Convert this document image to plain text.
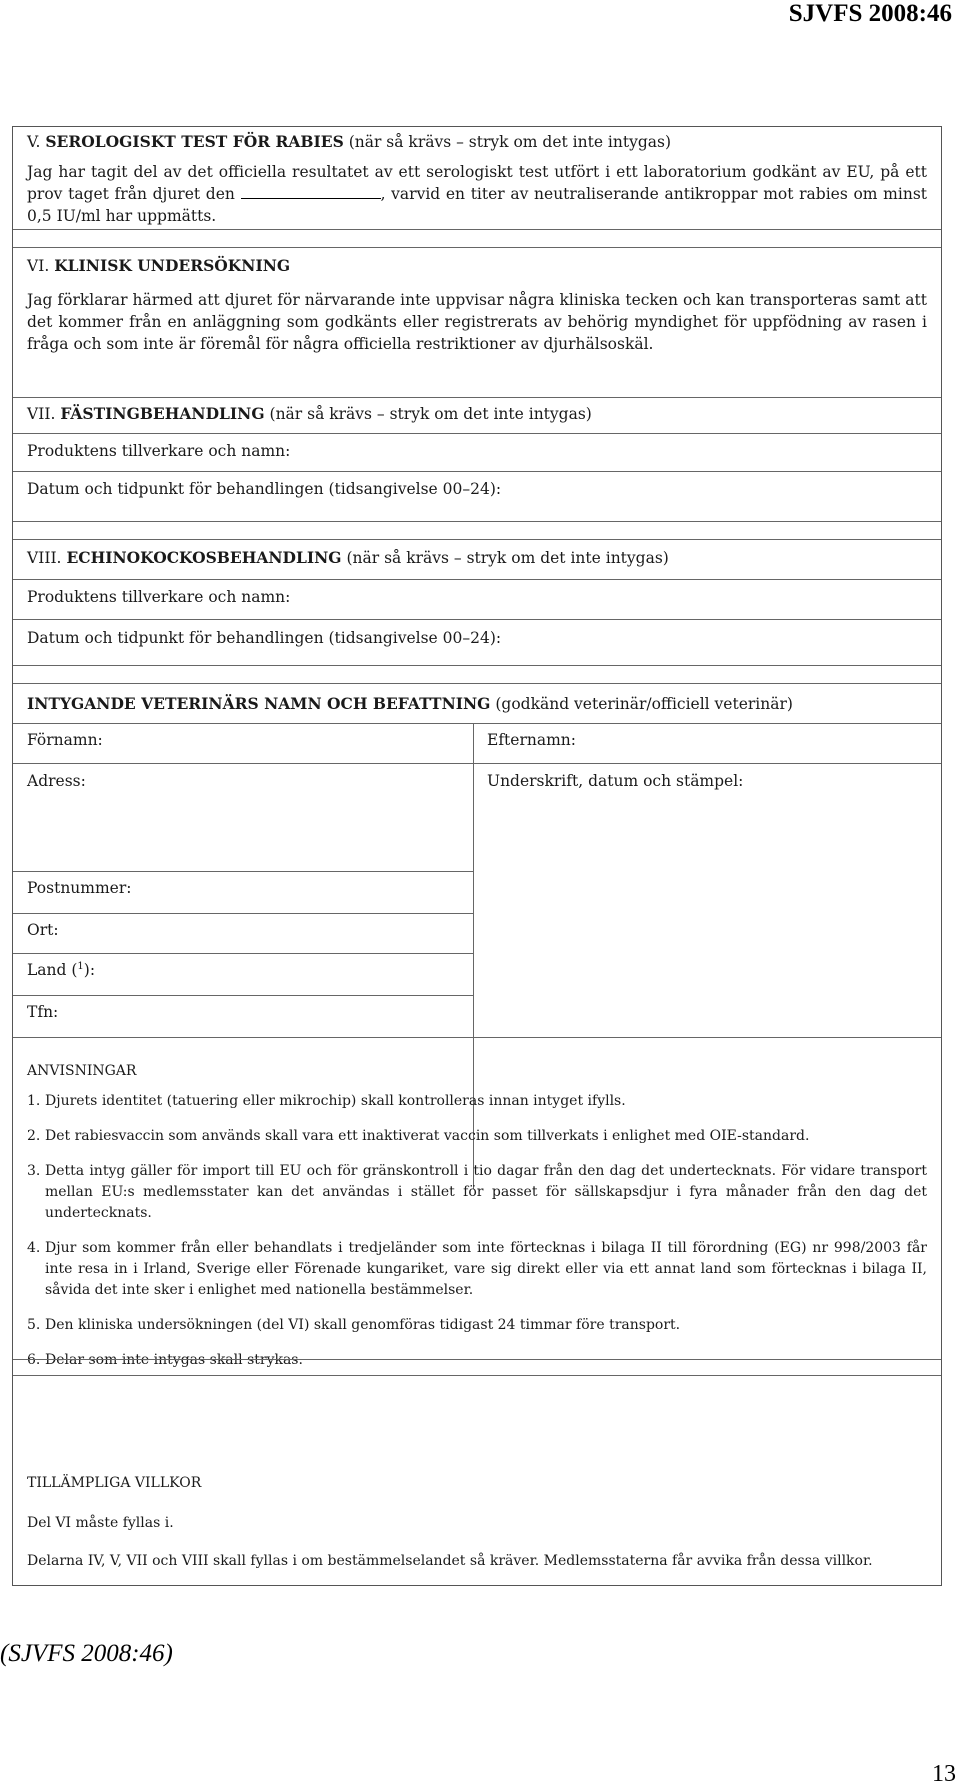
SJVFS 2008:46
V. SEROLOGISKT TEST FÖR RABIES (när så krävs – stryk om det inte intygas)
Jag har tagit del av det officiella resultatet av ett serologiskt test utfört i ett laboratorium godkänt av EU, på ett prov taget från djuret den	, varvid en titer av neutraliserande antikroppar mot rabies om minst 0,5 IU/ml har uppmätts.
VI. KLINISK UNDERSÖKNING
Jag förklarar härmed att djuret för närvarande inte uppvisar några kliniska tecken och kan transporteras samt att det kommer från en anläggning som godkänts eller registrerats av behörig myndighet för uppfödning av rasen i fråga och som inte är föremål för några officiella restriktioner av djurhälsoskäl.
VII. FÄSTINGBEHANDLING (när så krävs – stryk om det inte intygas)
Produktens tillverkare och namn:
Datum och tidpunkt för behandlingen (tidsangivelse 00–24):
VIII. ECHINOKOCKOSBEHANDLING (när så krävs – stryk om det inte intygas)
Produktens tillverkare och namn:
Datum och tidpunkt för behandlingen (tidsangivelse 00–24):
INTYGANDE VETERINÄRS NAMN OCH BEFATTNING (godkänd veterinär/officiell veterinär)
Förnamn:	Efternamn:
Adress:	Underskrift, datum och stämpel:
Postnummer:
Ort:
Land ($^1$):
Tfn:
ANVISNINGAR
1. Djurets identitet (tatuering eller mikrochip) skall kontrolleras innan intyget ifylls.
2. Det rabiesvaccin som används skall vara ett inaktiverat vaccin som tillverkats i enlighet med OIE-standard.
3. Detta intyg gäller för import till EU och för gränskontroll i tio dagar från den dag det undertecknats. För vidare transport mellan EU:s medlemsstater kan det användas i stället för passet för sällskapsdjur i fyra månader från den dag det undertecknats.
4. Djur som kommer från eller behandlats i tredjeländer som inte förtecknas i bilaga II till förordning (EG) nr 998/2003 får inte resa in i Irland, Sverige eller Förenade kungariket, vare sig direkt eller via ett annat land som förtecknas i bilaga II, såvida det inte sker i enlighet med nationella bestämmelser.
5. Den kliniska undersökningen (del VI) skall genomföras tidigast 24 timmar före transport.
6. Delar som inte intygas skall strykas.
TILLÄMPLIGA VILLKOR
Del VI måste fyllas i.
Delarna IV, V, VII och VIII skall fyllas i om bestämmelselandet så kräver. Medlemsstaterna får avvika från dessa villkor.
(SJVFS 2008:46)
13
